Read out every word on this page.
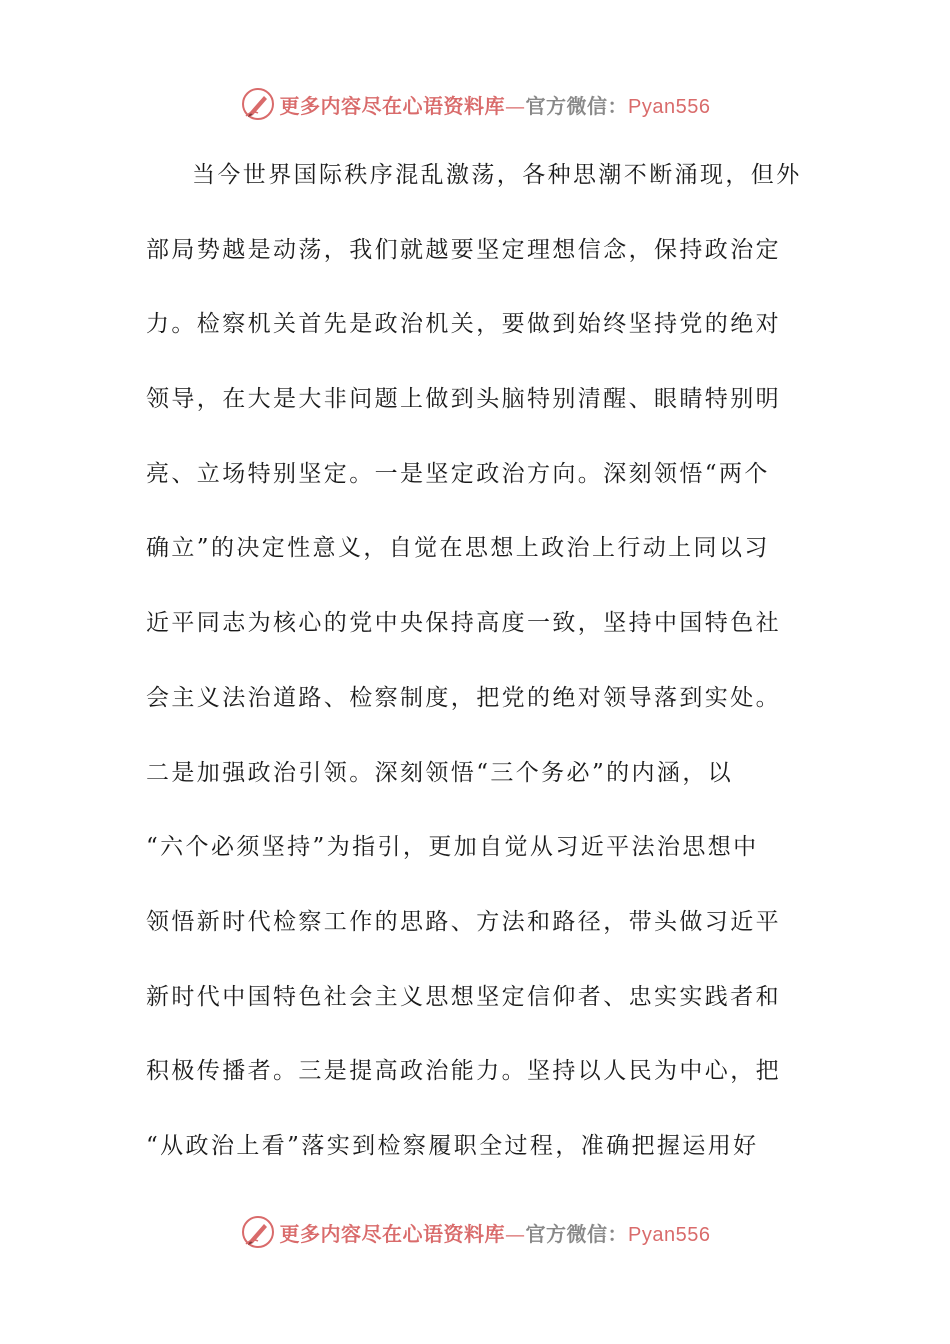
更多内容尽在心语资料库—官方微信：Pyan556
当今世界国际秩序混乱激荡，各种思潮不断涌现，但外
部局势越是动荡，我们就越要坚定理想信念，保持政治定
力。检察机关首先是政治机关，要做到始终坚持党的绝对
领导，在大是大非问题上做到头脑特别清醒、眼睛特别明
亮、立场特别坚定。一是坚定政治方向。深刻领悟“两个
确立”的决定性意义，自觉在思想上政治上行动上同以习
近平同志为核心的党中央保持高度一致，坚持中国特色社
会主义法治道路、检察制度，把党的绝对领导落到实处。
二是加强政治引领。深刻领悟“三个务必”的内涵，以
“六个必须坚持”为指引，更加自觉从习近平法治思想中
领悟新时代检察工作的思路、方法和路径，带头做习近平
新时代中国特色社会主义思想坚定信仰者、忠实实践者和
积极传播者。三是提高政治能力。坚持以人民为中心，把
“从政治上看”落实到检察履职全过程，准确把握运用好
更多内容尽在心语资料库—官方微信：Pyan556
